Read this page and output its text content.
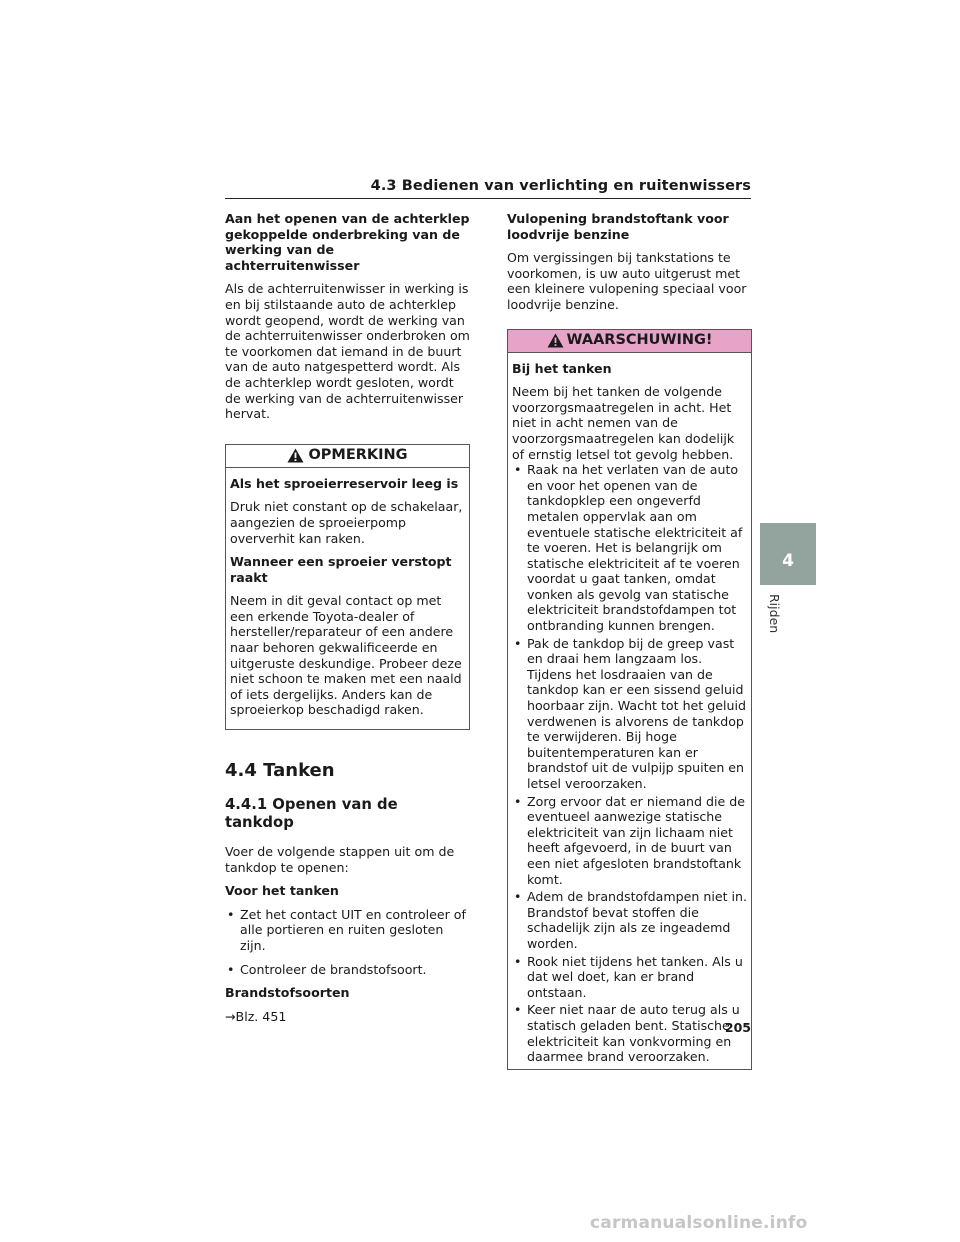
4.3 Bedienen van verlichting en ruitenwissers

Aan het openen van de achterklep gekoppelde onderbreking van de werking van de achterruitenwisser

Als de achterruitenwisser in werking is en bij stilstaande auto de achterklep wordt geopend, wordt de werking van de achterruitenwisser onderbroken om te voorkomen dat iemand in de buurt van de auto natgespetterd wordt. Als de achterklep wordt gesloten, wordt de werking van de achterruitenwisser hervat.

OPMERKING

Als het sproeierreservoir leeg is

Druk niet constant op de schakelaar, aangezien de sproeierpomp oververhit kan raken.

Wanneer een sproeier verstopt raakt

Neem in dit geval contact op met een erkende Toyota-dealer of hersteller/reparateur of een andere naar behoren gekwalificeerde en uitgeruste deskundige. Probeer deze niet schoon te maken met een naald of iets dergelijks. Anders kan de sproeierkop beschadigd raken.

4.4 Tanken
4.4.1 Openen van de tankdop

Voer de volgende stappen uit om de tankdop te openen:

Voor het tanken

• Zet het contact UIT en controleer of alle portieren en ruiten gesloten zijn.
• Controleer de brandstofsoort.

Brandstofsoorten

→Blz. 451

Vulopening brandstoftank voor loodvrije benzine

Om vergissingen bij tankstations te voorkomen, is uw auto uitgerust met een kleinere vulopening speciaal voor loodvrije benzine.

WAARSCHUWING!

Bij het tanken

Neem bij het tanken de volgende voorzorgsmaatregelen in acht. Het niet in acht nemen van de voorzorgsmaatregelen kan dodelijk of ernstig letsel tot gevolg hebben.

• Raak na het verlaten van de auto en voor het openen van de tankdopklep een ongeverfd metalen oppervlak aan om eventuele statische elektriciteit af te voeren. Het is belangrijk om statische elektriciteit af te voeren voordat u gaat tanken, omdat vonken als gevolg van statische elektriciteit brandstofdampen tot ontbranding kunnen brengen.
• Pak de tankdop bij de greep vast en draai hem langzaam los. Tijdens het losdraaien van de tankdop kan er een sissend geluid hoorbaar zijn. Wacht tot het geluid verdwenen is alvorens de tankdop te verwijderen. Bij hoge buitentemperaturen kan er brandstof uit de vulpijp spuiten en letsel veroorzaken.
• Zorg ervoor dat er niemand die de eventueel aanwezige statische elektriciteit van zijn lichaam niet heeft afgevoerd, in de buurt van een niet afgesloten brandstoftank komt.
• Adem de brandstofdampen niet in. Brandstof bevat stoffen die schadelijk zijn als ze ingeademd worden.
• Rook niet tijdens het tanken. Als u dat wel doet, kan er brand ontstaan.
• Keer niet naar de auto terug als u statisch geladen bent. Statische elektriciteit kan vonkvorming en daarmee brand veroorzaken.
4
Rijden
205
carmanualsonline.info
